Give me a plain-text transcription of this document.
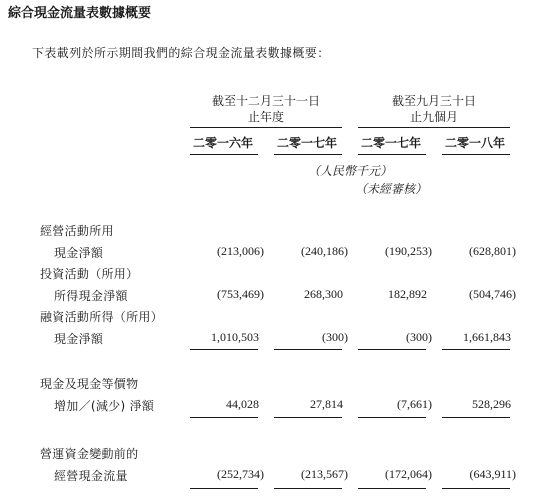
綜合現金流量表數據概要
下表載列於所示期間我們的綜合現金流量表數據概要：
截至十二月三十一日
止年度
截至九月三十日
止九個月
二零一六年	二零一七年	二零一七年	二零一八年
（人民幣千元）
（未經審核）
經營活動所用
現金淨額	(213,006)	(240,186)	(190,253)	(628,801)
投資活動（所用）
所得現金淨額	(753,469)	268,300	182,892	(504,746)
融資活動所得（所用）
現金淨額	1,010,503	(300)	(300)	1,661,843
現金及現金等價物
增加／(減少) 淨額	44,028	27,814	(7,661)	528,296
營運資金變動前的
經營現金流量	(252,734)	(213,567)	(172,064)	(643,911)
